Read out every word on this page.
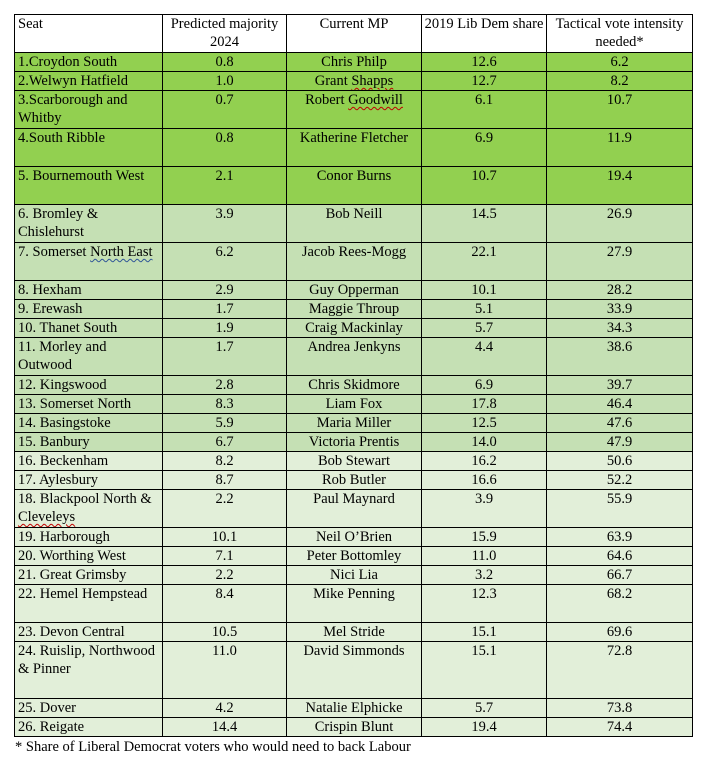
Seat	Predicted majority 2024	Current MP	2019 Lib Dem share	Tactical vote intensity needed*
1.Croydon South	0.8	Chris Philp	12.6	6.2
2.Welwyn Hatfield	1.0	Grant Shapps	12.7	8.2
3.Scarborough and Whitby	0.7	Robert Goodwill	6.1	10.7
4.South Ribble	0.8	Katherine Fletcher	6.9	11.9
5. Bournemouth West	2.1	Conor Burns	10.7	19.4
6. Bromley & Chislehurst	3.9	Bob Neill	14.5	26.9
7. Somerset North East	6.2	Jacob Rees-Mogg	22.1	27.9
8. Hexham	2.9	Guy Opperman	10.1	28.2
9. Erewash	1.7	Maggie Throup	5.1	33.9
10. Thanet South	1.9	Craig Mackinlay	5.7	34.3
11. Morley and Outwood	1.7	Andrea Jenkyns	4.4	38.6
12. Kingswood	2.8	Chris Skidmore	6.9	39.7
13. Somerset North	8.3	Liam Fox	17.8	46.4
14. Basingstoke	5.9	Maria Miller	12.5	47.6
15. Banbury	6.7	Victoria Prentis	14.0	47.9
16. Beckenham	8.2	Bob Stewart	16.2	50.6
17. Aylesbury	8.7	Rob Butler	16.6	52.2
18. Blackpool North & Cleveleys	2.2	Paul Maynard	3.9	55.9
19. Harborough	10.1	Neil O’Brien	15.9	63.9
20. Worthing West	7.1	Peter Bottomley	11.0	64.6
21. Great Grimsby	2.2	Nici Lia	3.2	66.7
22. Hemel Hempstead	8.4	Mike Penning	12.3	68.2
23. Devon Central	10.5	Mel Stride	15.1	69.6
24. Ruislip, Northwood & Pinner	11.0	David Simmonds	15.1	72.8
25. Dover	4.2	Natalie Elphicke	5.7	73.8
26. Reigate	14.4	Crispin Blunt	19.4	74.4
* Share of Liberal Democrat voters who would need to back Labour
